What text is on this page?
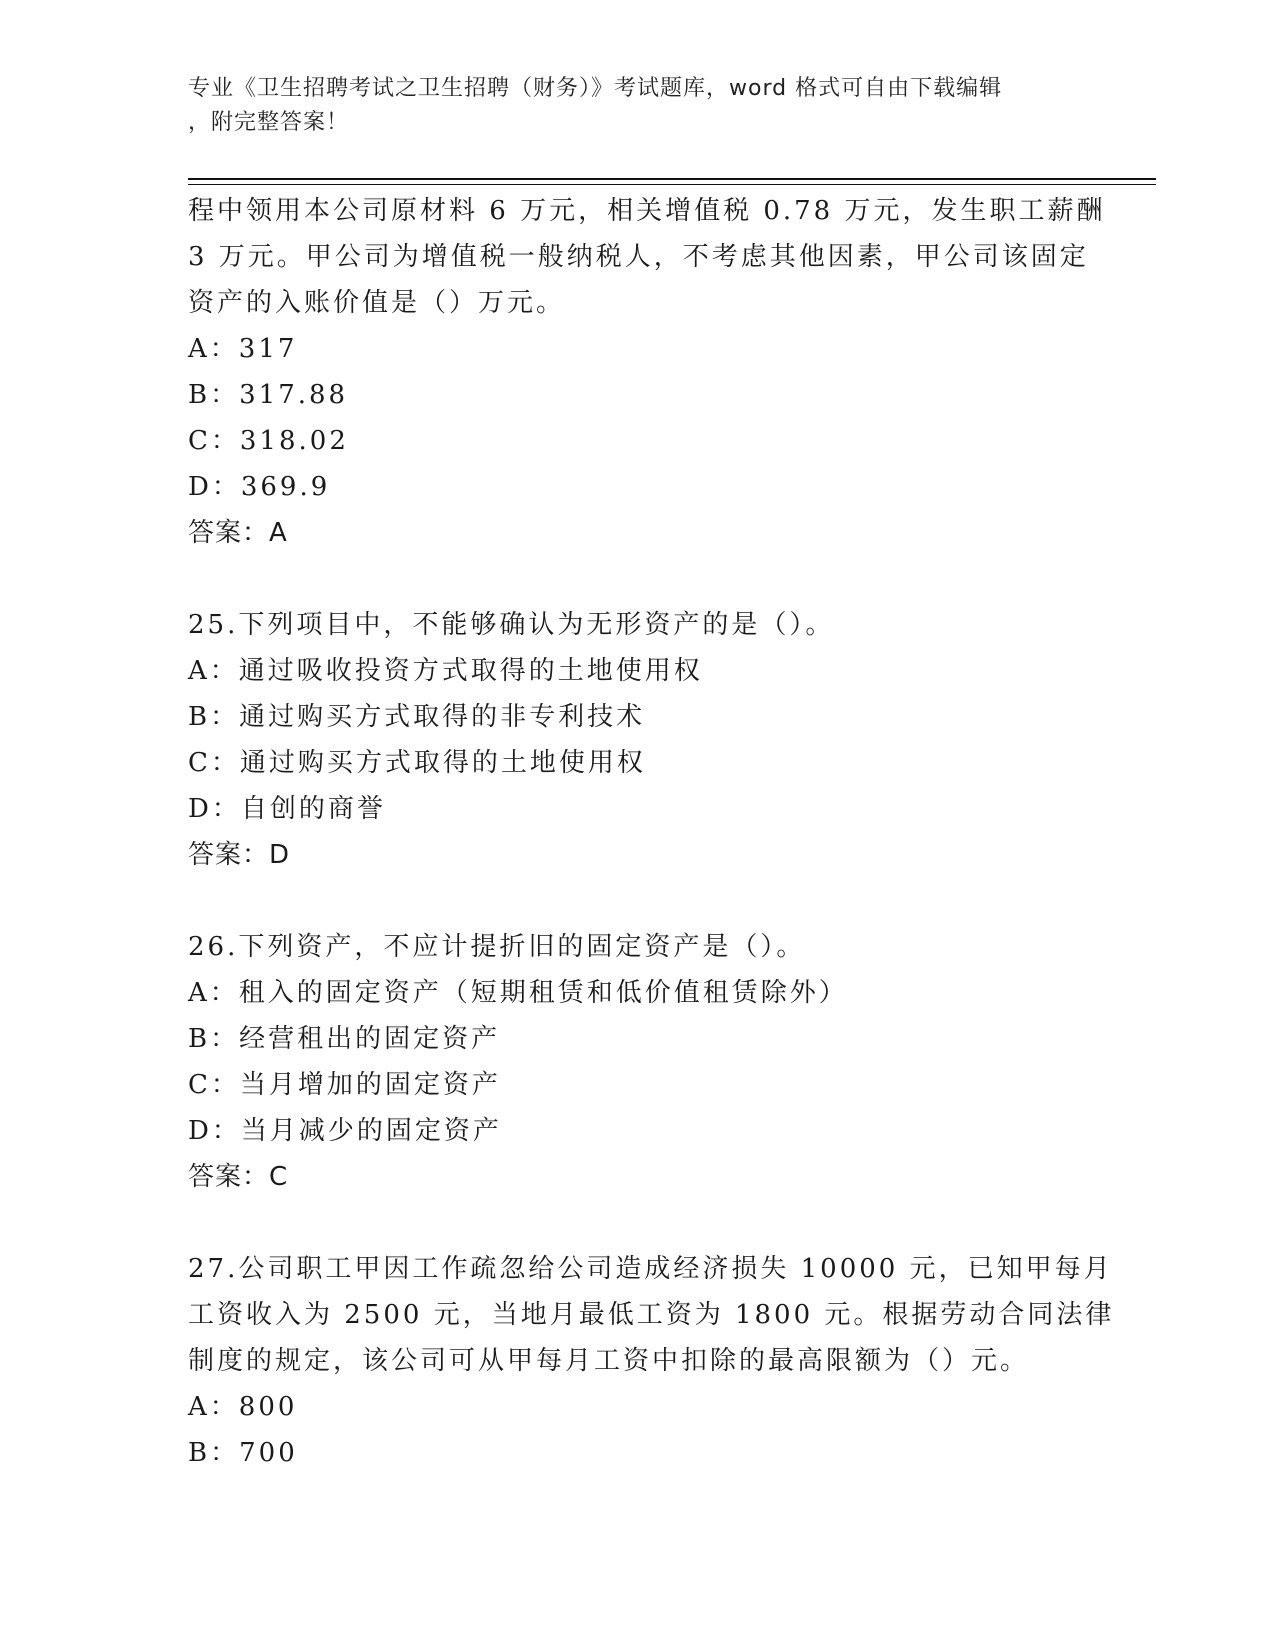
专业《卫生招聘考试之卫生招聘（财务）》考试题库，word 格式可自由下载编辑
，附完整答案！
程中领用本公司原材料 6 万元，相关增值税 0.78 万元，发生职工薪酬
3 万元。甲公司为增值税一般纳税人，不考虑其他因素，甲公司该固定
资产的入账价值是（）万元。
A：317
B：317.88
C：318.02
D：369.9
答案：A
25.下列项目中，不能够确认为无形资产的是（）。
A：通过吸收投资方式取得的土地使用权
B：通过购买方式取得的非专利技术
C：通过购买方式取得的土地使用权
D：自创的商誉
答案：D
26.下列资产，不应计提折旧的固定资产是（）。
A：租入的固定资产（短期租赁和低价值租赁除外）
B：经营租出的固定资产
C：当月增加的固定资产
D：当月减少的固定资产
答案：C
27.公司职工甲因工作疏忽给公司造成经济损失 10000 元，已知甲每月
工资收入为 2500 元，当地月最低工资为 1800 元。根据劳动合同法律
制度的规定，该公司可从甲每月工资中扣除的最高限额为（）元。
A：800
B：700
